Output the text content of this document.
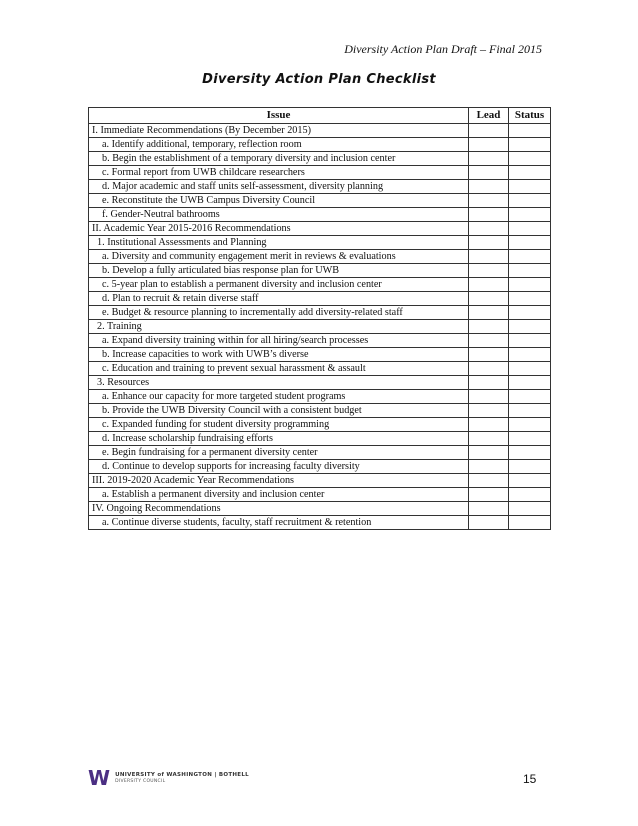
Diversity Action Plan Draft – Final 2015
Diversity Action Plan Checklist
Issue	Lead	Status
I. Immediate Recommendations (By December 2015)		
a. Identify additional, temporary, reflection room		
b. Begin the establishment of a temporary diversity and inclusion center		
c. Formal report from UWB childcare researchers		
d. Major academic and staff units self-assessment, diversity planning		
e. Reconstitute the UWB Campus Diversity Council		
f. Gender-Neutral bathrooms		
II. Academic Year 2015-2016 Recommendations		
1. Institutional Assessments and Planning		
a. Diversity and community engagement merit in reviews & evaluations		
b. Develop a fully articulated bias response plan for UWB		
c. 5-year plan to establish a permanent diversity and inclusion center		
d. Plan to recruit & retain diverse staff		
e. Budget & resource planning to incrementally add diversity-related staff		
2. Training		
a. Expand diversity training within for all hiring/search processes		
b. Increase capacities to work with UWB’s diverse		
c. Education and training to prevent sexual harassment & assault		
3. Resources		
a. Enhance our capacity for more targeted student programs		
b. Provide the UWB Diversity Council with a consistent budget		
c. Expanded funding for student diversity programming		
d. Increase scholarship fundraising efforts		
e. Begin fundraising for a permanent diversity center		
d. Continue to develop supports for increasing faculty diversity		
III. 2019-2020 Academic Year Recommendations		
a. Establish a permanent diversity and inclusion center		
IV. Ongoing Recommendations		
a. Continue diverse students, faculty, staff recruitment & retention		
W UNIVERSITY of WASHINGTON | BOTHELL
DIVERSITY COUNCIL	15
